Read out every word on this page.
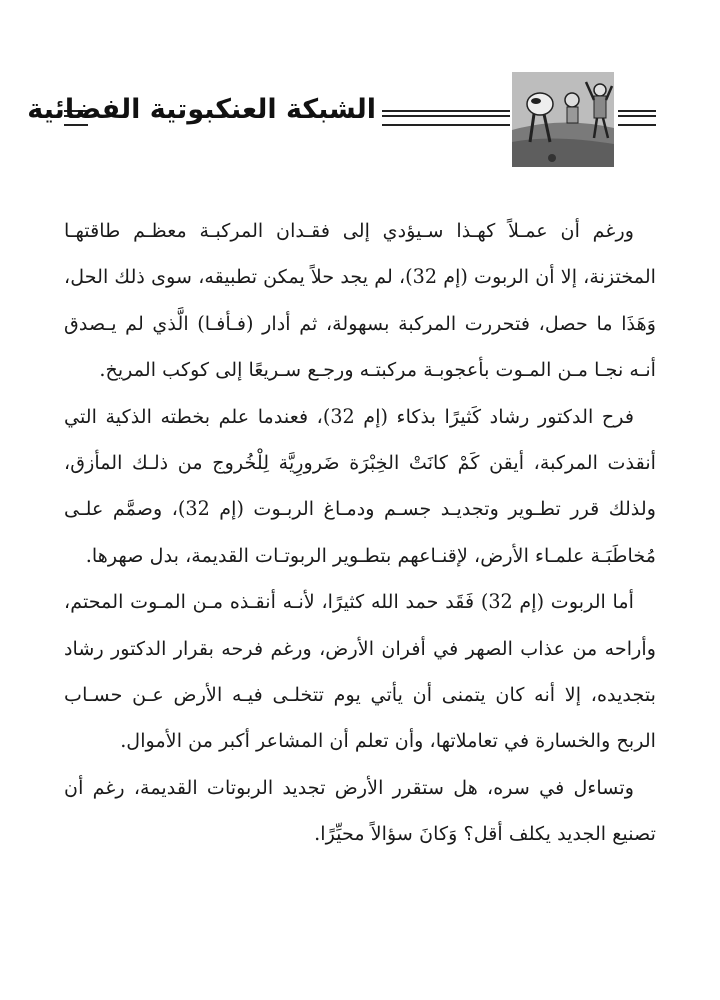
الشبكة العنكبوتية الفضائية

ورغم أن عمـلاً كهـذا سـيؤدي إلى فقـدان المركبـة معظـم طاقتهـا المختزنة، إلا أن الربوت (إم 32)، لم يجد حلاً يمكن تطبيقه، سوى ذلك الحل، وَهَذَا ما حصل، فتحررت المركبة بسهولة، ثم أدار (فـأفـا) الَّذي لم يـصدق أنـه نجـا مـن المـوت بأعجوبـة مركبتـه ورجـع سـريعًا إلى كوكب المريخ.

فرح الدكتور رشاد كَثيرًا بذكاء (إم 32)، فعندما علم بخطته الذكية التي أنقذت المركبة، أيقن كَمْ كانَتْ الخِبْرَة ضَرورِيَّة لِلْخُروج من ذلـك المأزق، ولذلك قرر تطـوير وتجديـد جسـم ودمـاغ الربـوت (إم 32)، وصمَّم علـى مُخاطَبَـة علمـاء الأرض، لإقنـاعهم بتطـوير الربوتـات القديمة، بدل صهرها.

أما الربوت (إم 32) فَقَد حمد الله كثيرًا، لأنـه أنقـذه مـن المـوت المحتم، وأراحه من عذاب الصهر في أفران الأرض، ورغم فرحه بقرار الدكتور رشاد بتجديده، إلا أنه كان يتمنى أن يأتي يوم تتخلـى فيـه الأرض عـن حسـاب الربح والخسارة في تعاملاتها، وأن تعلم أن المشاعر أكبر من الأموال.

وتساءل في سره، هل ستقرر الأرض تجديد الربوتات القديمة، رغم أن تصنيع الجديد يكلف أقل؟ وَكانَ سؤالاً محيِّرًا.
